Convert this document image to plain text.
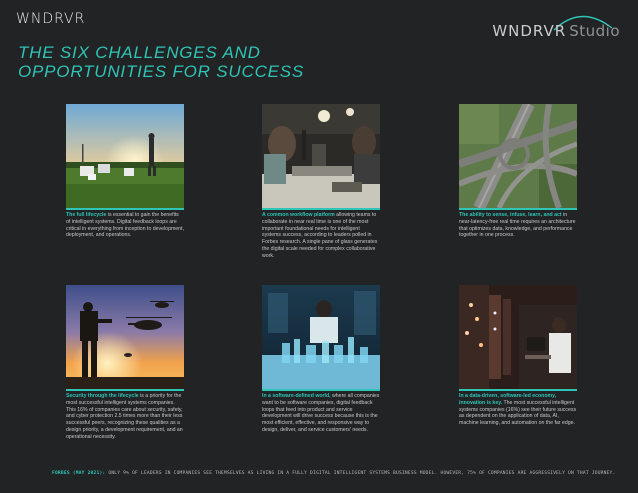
WNDRVR
WNDRVR Studio
THE SIX CHALLENGES AND
OPPORTUNITIES FOR SUCCESS
The full lifecycle is essential to gain the benefits of intelligent systems. Digital feedback loops are critical in everything from inception to development, deployment, and operations.
A common workflow platform allowing teams to collaborate in near real time is one of the most important foundational needs for intelligent systems success, according to leaders polled in Forbes research. A single pane of glass generates the digital scale needed for complex collaborative work.
The ability to sense, infuse, learn, and act in near-latency-free real time requires an architecture that optimizes data, knowledge, and performance together in one process.
Security through the lifecycle is a priority for the most successful intelligent systems companies. This 16% of companies care about security, safety, and cyber protection 2.5 times more than their less successful peers, recognizing these qualities as a design priority, a development requirement, and an operational necessity.
In a software-defined world, where all companies want to be software companies, digital feedback loops that feed into product and service development will drive success because this is the most efficient, effective, and responsive way to design, deliver, and service customers' needs.
In a data-driven, software-led economy, innovation is key. The most successful intelligent systems companies (16%) see their future success as dependent on the application of data, AI, machine learning, and automation on the far edge.
FORBES (MAY 2021): ONLY 9% OF LEADERS IN COMPANIES SEE THEMSELVES AS LIVING IN A FULLY DIGITAL INTELLIGENT SYSTEMS BUSINESS MODEL. HOWEVER, 75% OF COMPANIES ARE AGGRESSIVELY ON THAT JOURNEY.
